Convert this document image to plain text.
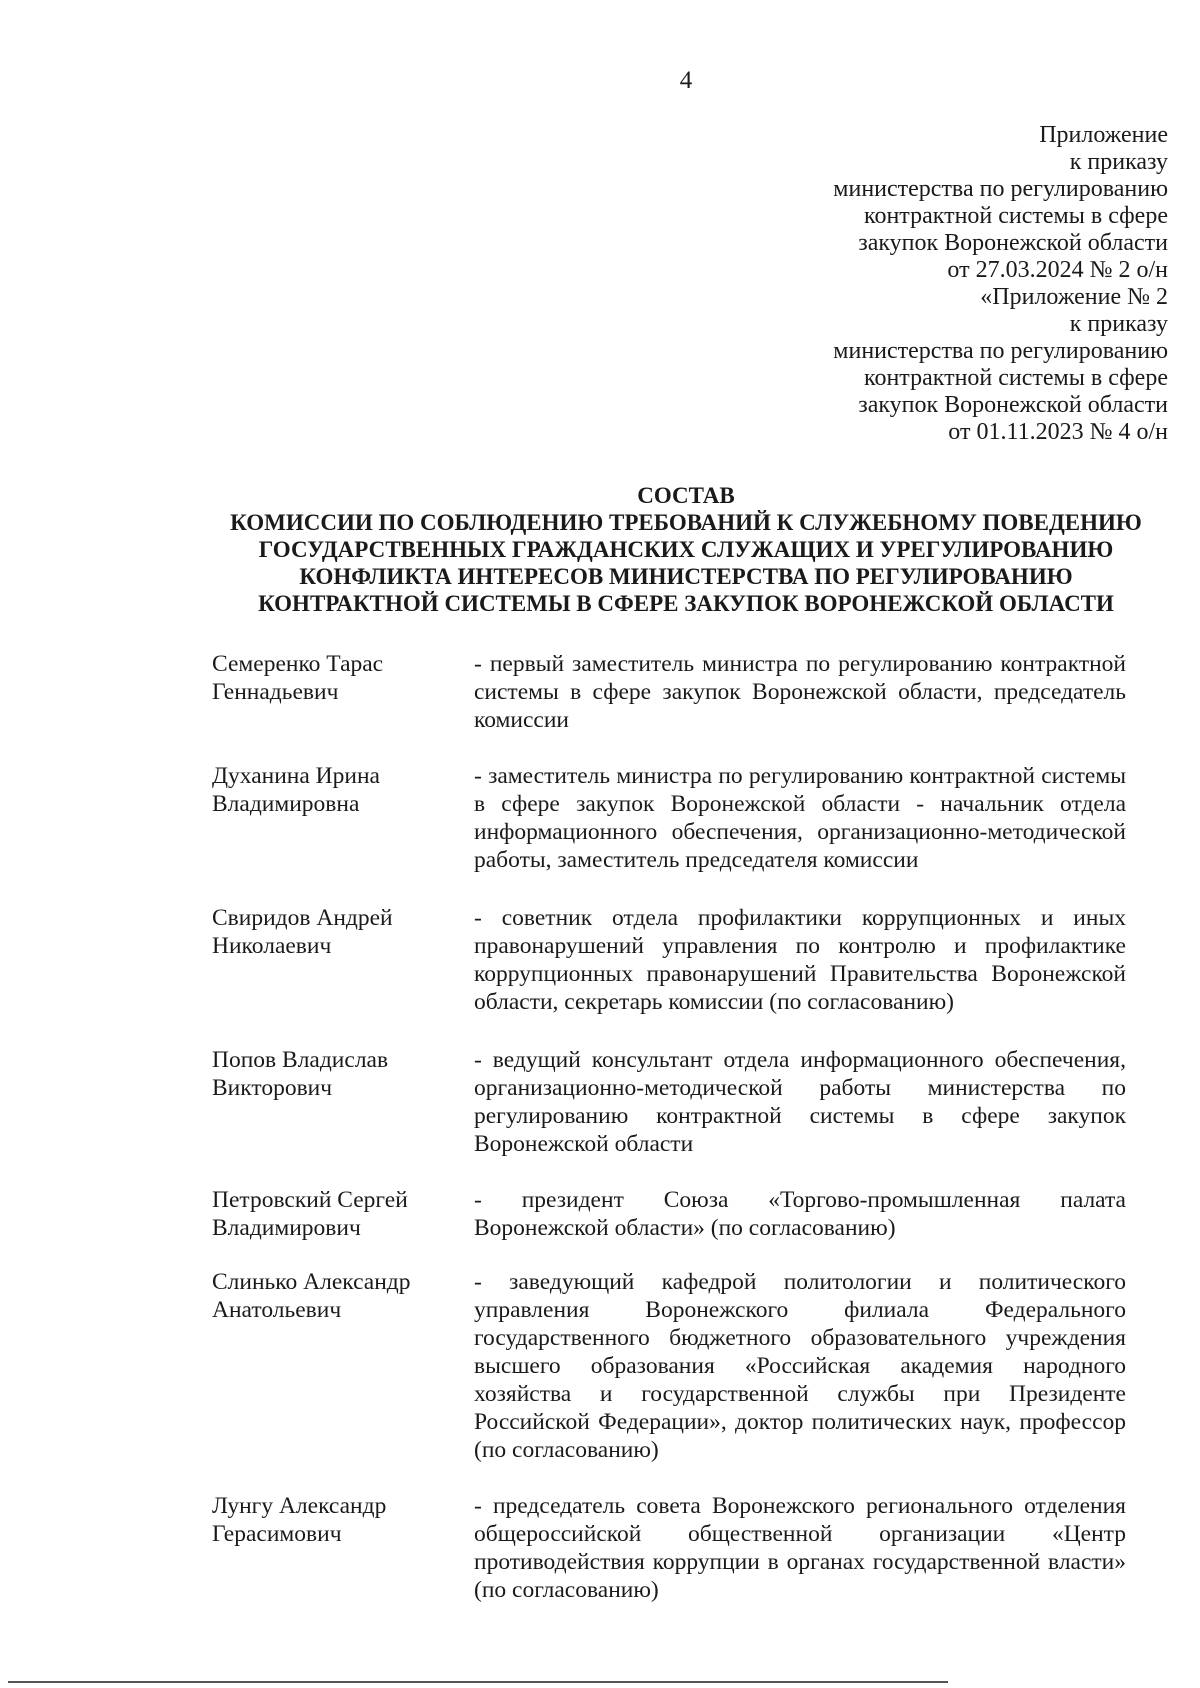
4
Приложение
к приказу
министерства по регулированию
контрактной системы в сфере
закупок Воронежской области
от 27.03.2024 № 2 о/н
«Приложение № 2
к приказу
министерства по регулированию
контрактной системы в сфере
закупок Воронежской области
от 01.11.2023 № 4 о/н
СОСТАВ
КОМИССИИ ПО СОБЛЮДЕНИЮ ТРЕБОВАНИЙ К СЛУЖЕБНОМУ ПОВЕДЕНИЮ
ГОСУДАРСТВЕННЫХ ГРАЖДАНСКИХ СЛУЖАЩИХ И УРЕГУЛИРОВАНИЮ
КОНФЛИКТА ИНТЕРЕСОВ МИНИСТЕРСТВА ПО РЕГУЛИРОВАНИЮ
КОНТРАКТНОЙ СИСТЕМЫ В СФЕРЕ ЗАКУПОК ВОРОНЕЖСКОЙ ОБЛАСТИ
Семеренко Тарас
Геннадьевич
- первый заместитель министра по регулированию контрактной системы в сфере закупок Воронежской области, председатель комиссии
Духанина Ирина
Владимировна
- заместитель министра по регулированию контрактной системы в сфере закупок Воронежской области - начальник отдела информационного обеспечения, организационно-методической работы, заместитель председателя комиссии
Свиридов Андрей
Николаевич
- советник отдела профилактики коррупционных и иных правонарушений управления по контролю и профилактике коррупционных правонарушений Правительства Воронежской области, секретарь комиссии (по согласованию)
Попов Владислав
Викторович
- ведущий консультант отдела информационного обеспечения, организационно-методической работы министерства по регулированию контрактной системы в сфере закупок Воронежской области
Петровский Сергей
Владимирович
- президент Союза «Торгово-промышленная палата Воронежской области» (по согласованию)
Слинько Александр
Анатольевич
- заведующий кафедрой политологии и политического управления Воронежского филиала Федерального государственного бюджетного образовательного учреждения высшего образования «Российская академия народного хозяйства и государственной службы при Президенте Российской Федерации», доктор политических наук, профессор (по согласованию)
Лунгу Александр
Герасимович
- председатель совета Воронежского регионального отделения общероссийской общественной организации «Центр противодействия коррупции в органах государственной власти» (по согласованию)
